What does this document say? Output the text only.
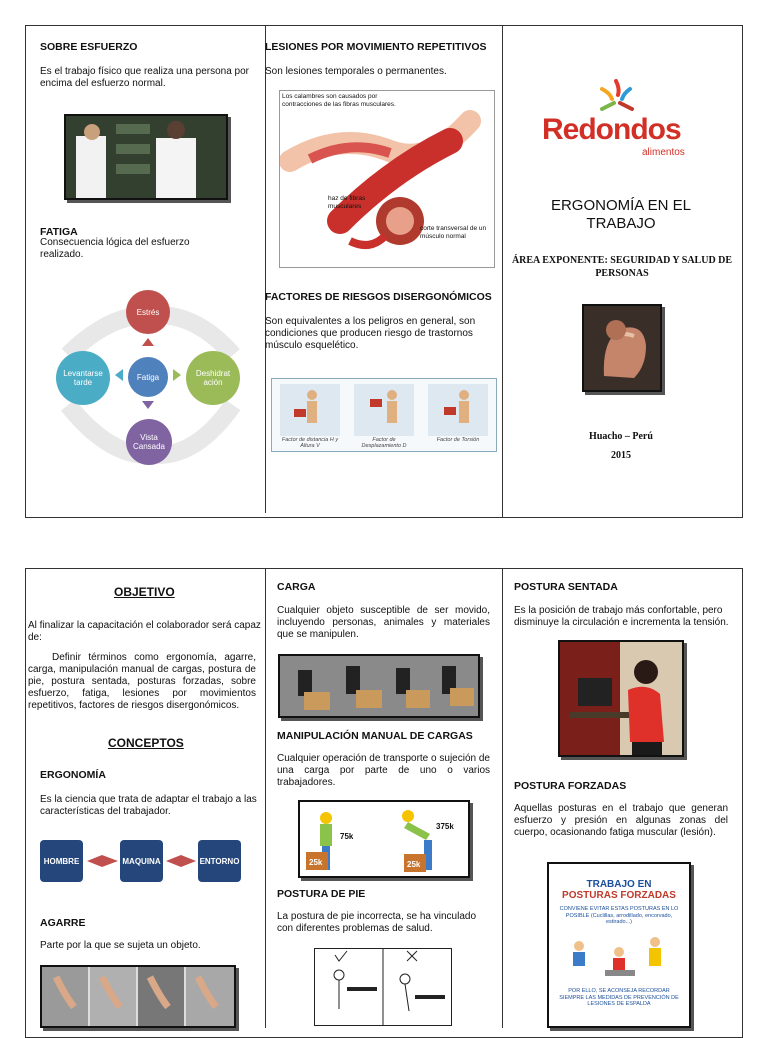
SOBRE ESFUERZO
Es el trabajo físico que realiza una persona por encima del esfuerzo normal.
FATIGA
Consecuencia lógica del esfuerzo realizado.
Estrés
Fatiga
Levantarse tarde
Deshidrat ación
Vista Cansada
LESIONES POR MOVIMIENTO REPETITIVOS
Son lesiones temporales o permanentes.
Los calambres son causados por contracciones de las fibras musculares.
haz de fibras musculares
corte transversal de un músculo normal
FACTORES DE RIESGOS DISERGONÓMICOS
Son equivalentes a los peligros en general, son condiciones que producen riesgo de trastornos músculo esquelético.
Factor de distancia H y Altura V
Factor de Desplazamiento D
Factor de Torsión
Redondos
alimentos
ERGONOMÍA EN EL TRABAJO
ÁREA EXPONENTE: SEGURIDAD Y SALUD DE PERSONAS
Huacho – Perú
2015
OBJETIVO
Al finalizar la capacitación el colaborador será capaz de:
Definir términos como ergonomía, agarre, carga, manipulación manual de cargas, postura de pie, postura sentada, posturas forzadas, sobre esfuerzo, fatiga, lesiones por movimientos repetitivos, factores de riesgos disergonómicos.
CONCEPTOS
ERGONOMÍA
Es la ciencia que trata de adaptar el trabajo a las características del trabajador.
HOMBRE	MAQUINA	ENTORNO
AGARRE
Parte por la que se sujeta un objeto.
CARGA
Cualquier objeto susceptible de ser movido, incluyendo personas, animales y materiales que se manipulen.
MANIPULACIÓN MANUAL DE CARGAS
Cualquier operación de transporte o sujeción de una carga por parte de uno o varios trabajadores.
75k
375k
25k	25k
POSTURA DE PIE
La postura de pie incorrecta, se ha vinculado con diferentes problemas de salud.
POSTURA SENTADA
Es la posición de trabajo más confortable, pero disminuye la circulación e incrementa la tensión.
POSTURA FORZADAS
Aquellas posturas en el trabajo que generan esfuerzo y presión en algunas zonas del cuerpo, ocasionando fatiga muscular (lesión).
TRABAJO EN
POSTURAS FORZADAS
CONVIENE EVITAR ESTAS POSTURAS EN LO POSIBLE (Cuclillas, arrodillado, encorvado, estirado...)
POR ELLO, SE ACONSEJA RECORDAR SIEMPRE LAS MEDIDAS DE PREVENCIÓN DE LESIONES DE ESPALDA
